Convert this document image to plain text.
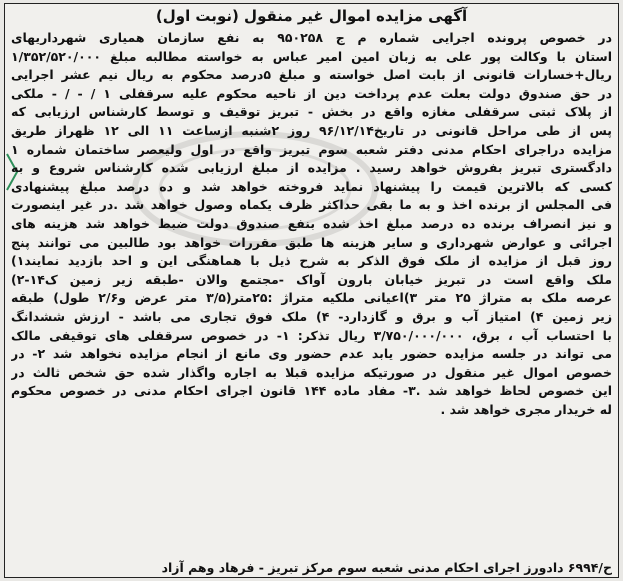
آگهی مزایده اموال غیر منقول (نوبت اول)
در خصوص پرونده اجرایی شماره م ج ۹۵۰۲۵۸ به نفع سازمان همیاری شهرداریهای
استان با وکالت پور علی به زبان امین امیر عباس به خواسته مطالبه مبلغ ۱/۳۵۲/۵۲۰/۰۰۰
ریال+خسارات قانونی از بابت اصل خواسته و مبلغ ۵درصد محکوم به ریال نیم عشر اجرایی
در حق صندوق دولت بعلت عدم پرداخت دین از ناحیه محکوم علیه سرقفلی ۱ / - / - ملکی
از پلاک ثبتی سرقفلی مغازه واقع در بخش - تبریز توقیف و توسط کارشناس ارزیابی که
پس از طی مراحل قانونی در تاریخ۹۶/۱۲/۱۴ روز ۲شنبه ازساعت ۱۱ الی ۱۲ ظهراز طریق
مزایده دراجرای احکام مدنی دفتر شعبه سوم تبریز واقع در اول ولیعصر ساختمان شماره ۱
دادگستری تبریز بفروش خواهد رسید . مزایده از مبلغ ارزیابی شده کارشناس شروع و به
کسی که بالاترین قیمت را پیشنهاد نماید فروخته خواهد شد و ده درصد مبلغ پیشنهادی
فی المجلس از برنده اخذ و به ما بقی حداکثر ظرف یکماه وصول خواهد شد .در غیر اینصورت
و نیز انصراف برنده ده درصد مبلغ اخذ شده بنفع صندوق دولت ضبط خواهد شد هزینه های
اجرائی و عوارض شهرداری و سایر هزینه ها طبق مقررات خواهد بود طالبین می توانند پنج
روز قبل از مزایده از ملک فوق الذکر به شرح ذیل با هماهنگی این و احد بازدید نمایند۱)
ملک واقع است در تبریز خیابان بارون آواک -مجتمع والان -طبقه زیر زمین ک۱۴-۲)
عرصه ملک به متراژ ۲۵ متر ۳)اعیانی ملکیه متراژ :۲۵متر(۳/۵ متر عرض و۲/۶ طول) طبقه
زیر زمین ۴) امتیاز آب و برق و گازدارد- ۴) ملک فوق تجاری می باشد - ارزش ششدانگ
با احتساب آب ، برق، ۳/۷۵۰/۰۰۰/۰۰۰ ریال تذکر: ۱- در خصوص سرقفلی های توقیفی مالک
می تواند در جلسه مزایده حضور یابد عدم حضور وی مانع از انجام مزایده نخواهد شد ۲- در
خصوص اموال غیر منقول در صورتیکه مزایده قبلا به اجاره واگذار شده حق شخص ثالث در
این خصوص لحاظ خواهد شد .۳- مفاد ماده ۱۴۴ قانون اجرای احکام مدنی در خصوص محکوم
له خریدار مجری خواهد شد .
ح/۶۹۹۴ دادورز اجرای احکام مدنی شعبه سوم مرکز تبریز - فرهاد وهم آزاد
